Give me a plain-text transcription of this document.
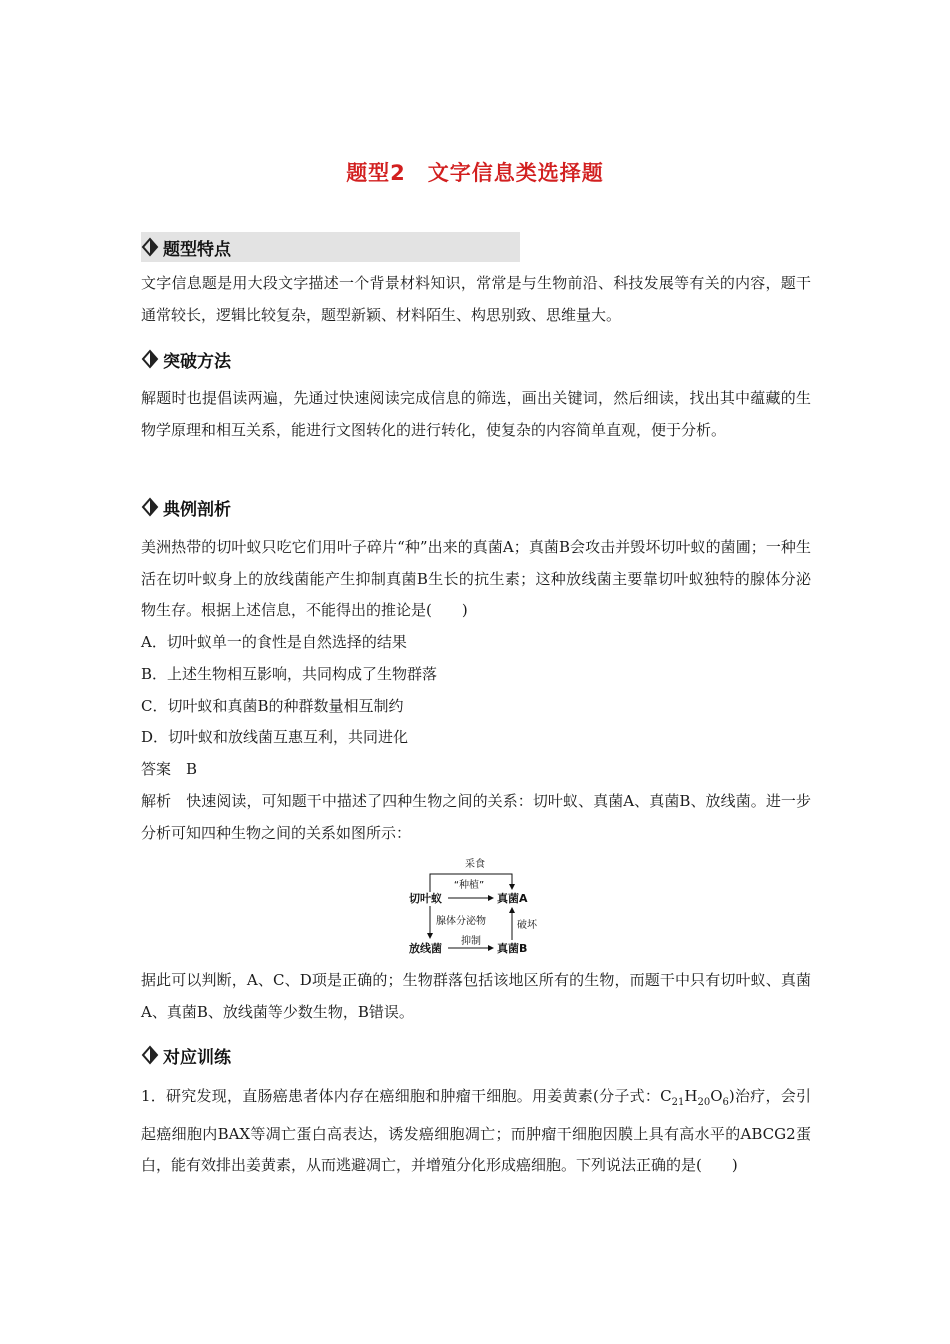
题型2　文字信息类选择题
题型特点
文字信息题是用大段文字描述一个背景材料知识，常常是与生物前沿、科技发展等有关的内容，题干通常较长，逻辑比较复杂，题型新颖、材料陌生、构思别致、思维量大。
突破方法
解题时也提倡读两遍，先通过快速阅读完成信息的筛选，画出关键词，然后细读，找出其中蕴藏的生物学原理和相互关系，能进行文图转化的进行转化，使复杂的内容简单直观，便于分析。
典例剖析
美洲热带的切叶蚁只吃它们用叶子碎片“种”出来的真菌A；真菌B会攻击并毁坏切叶蚁的菌圃；一种生活在切叶蚁身上的放线菌能产生抑制真菌B生长的抗生素；这种放线菌主要靠切叶蚁独特的腺体分泌物生存。根据上述信息，不能得出的推论是(　　)
A．切叶蚁单一的食性是自然选择的结果
B．上述生物相互影响，共同构成了生物群落
C．切叶蚁和真菌B的种群数量相互制约
D．切叶蚁和放线菌互惠互利，共同进化
答案　B
解析　快速阅读，可知题干中描述了四种生物之间的关系：切叶蚁、真菌A、真菌B、放线菌。进一步分析可知四种生物之间的关系如图所示：
采食
“种植”
切叶蚁	真菌A
腺体分泌物	破坏
放线菌
抑制
真菌B
据此可以判断，A、C、D项是正确的；生物群落包括该地区所有的生物，而题干中只有切叶蚁、真菌A、真菌B、放线菌等少数生物，B错误。
对应训练
1．研究发现，直肠癌患者体内存在癌细胞和肿瘤干细胞。用姜黄素(分子式：$C_{21}H_{20}O_6$)治疗，会引起癌细胞内BAX等凋亡蛋白高表达，诱发癌细胞凋亡；而肿瘤干细胞因膜上具有高水平的ABCG2蛋白，能有效排出姜黄素，从而逃避凋亡，并增殖分化形成癌细胞。下列说法正确的是(　　)
